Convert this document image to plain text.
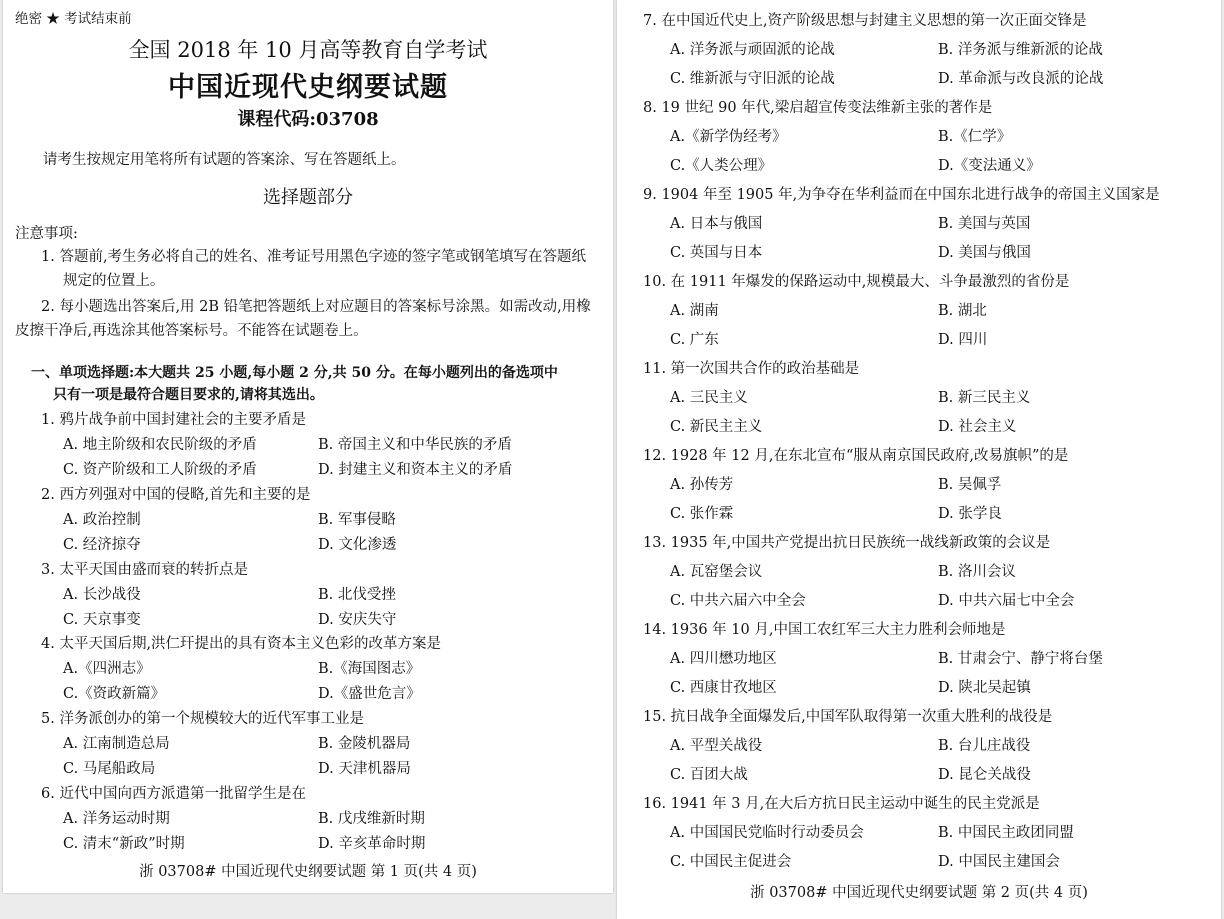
绝密 ★ 考试结束前
全国 2018 年 10 月高等教育自学考试
中国近现代史纲要试题
课程代码:03708
请考生按规定用笔将所有试题的答案涂、写在答题纸上。
选择题部分
注意事项:
1. 答题前,考生务必将自己的姓名、准考证号用黑色字迹的签字笔或钢笔填写在答题纸
规定的位置上。
2. 每小题选出答案后,用 2B 铅笔把答题纸上对应题目的答案标号涂黑。如需改动,用橡
皮擦干净后,再选涂其他答案标号。不能答在试题卷上。
一、单项选择题:本大题共 25 小题,每小题 2 分,共 50 分。在每小题列出的备选项中
只有一项是最符合题目要求的,请将其选出。
1. 鸦片战争前中国封建社会的主要矛盾是
A. 地主阶级和农民阶级的矛盾	B. 帝国主义和中华民族的矛盾
C. 资产阶级和工人阶级的矛盾	D. 封建主义和资本主义的矛盾
2. 西方列强对中国的侵略,首先和主要的是
A. 政治控制	B. 军事侵略
C. 经济掠夺	D. 文化渗透
3. 太平天国由盛而衰的转折点是
A. 长沙战役	B. 北伐受挫
C. 天京事变	D. 安庆失守
4. 太平天国后期,洪仁玕提出的具有资本主义色彩的改革方案是
A.《四洲志》	B.《海国图志》
C.《资政新篇》	D.《盛世危言》
5. 洋务派创办的第一个规模较大的近代军事工业是
A. 江南制造总局	B. 金陵机器局
C. 马尾船政局	D. 天津机器局
6. 近代中国向西方派遣第一批留学生是在
A. 洋务运动时期	B. 戊戌维新时期
C. 清末“新政”时期	D. 辛亥革命时期
浙 03708# 中国近现代史纲要试题 第 1 页(共 4 页)
7. 在中国近代史上,资产阶级思想与封建主义思想的第一次正面交锋是
A. 洋务派与顽固派的论战	B. 洋务派与维新派的论战
C. 维新派与守旧派的论战	D. 革命派与改良派的论战
8. 19 世纪 90 年代,梁启超宣传变法维新主张的著作是
A.《新学伪经考》	B.《仁学》
C.《人类公理》	D.《变法通义》
9. 1904 年至 1905 年,为争夺在华利益而在中国东北进行战争的帝国主义国家是
A. 日本与俄国	B. 美国与英国
C. 英国与日本	D. 美国与俄国
10. 在 1911 年爆发的保路运动中,规模最大、斗争最激烈的省份是
A. 湖南	B. 湖北
C. 广东	D. 四川
11. 第一次国共合作的政治基础是
A. 三民主义	B. 新三民主义
C. 新民主主义	D. 社会主义
12. 1928 年 12 月,在东北宣布“服从南京国民政府,改易旗帜”的是
A. 孙传芳	B. 吴佩孚
C. 张作霖	D. 张学良
13. 1935 年,中国共产党提出抗日民族统一战线新政策的会议是
A. 瓦窑堡会议	B. 洛川会议
C. 中共六届六中全会	D. 中共六届七中全会
14. 1936 年 10 月,中国工农红军三大主力胜利会师地是
A. 四川懋功地区	B. 甘肃会宁、静宁将台堡
C. 西康甘孜地区	D. 陕北吴起镇
15. 抗日战争全面爆发后,中国军队取得第一次重大胜利的战役是
A. 平型关战役	B. 台儿庄战役
C. 百团大战	D. 昆仑关战役
16. 1941 年 3 月,在大后方抗日民主运动中诞生的民主党派是
A. 中国国民党临时行动委员会	B. 中国民主政团同盟
C. 中国民主促进会	D. 中国民主建国会
浙 03708# 中国近现代史纲要试题 第 2 页(共 4 页)
